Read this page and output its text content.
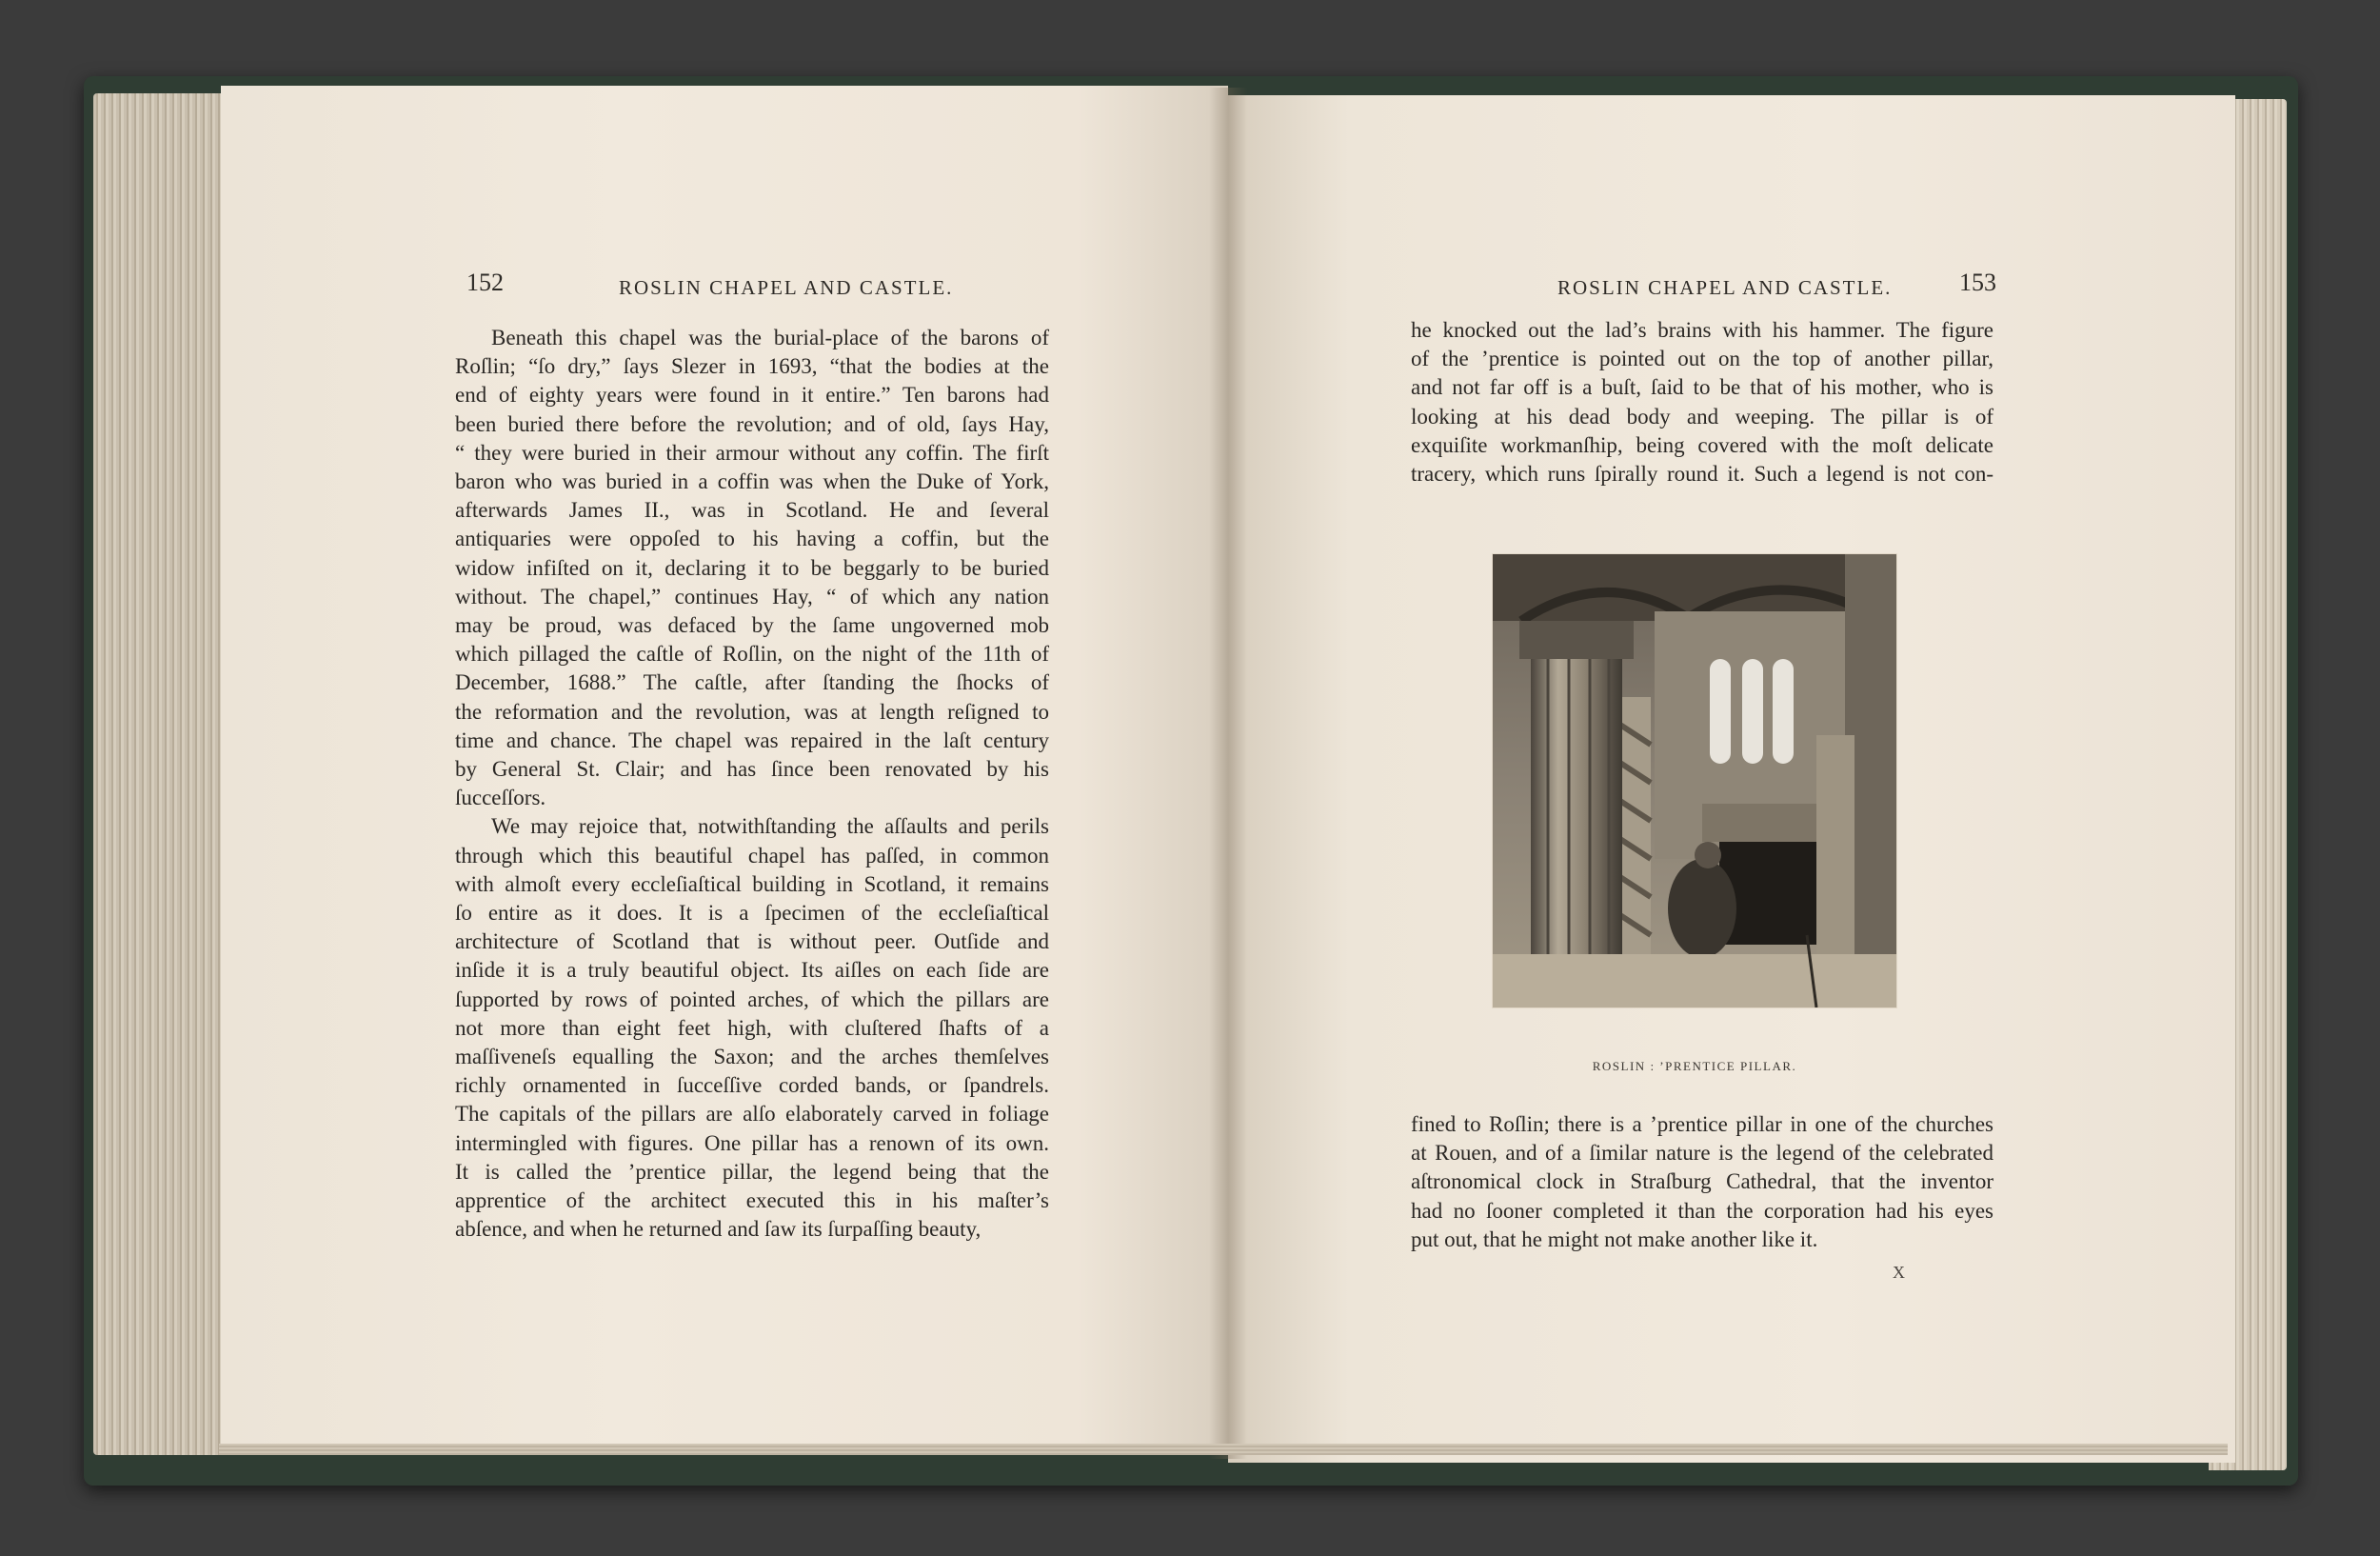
152	ROSLIN CHAPEL AND CASTLE.
Beneath this chapel was the burial-place of the barons of
Roſlin; “ſo dry,” ſays Slezer in 1693, “that the bodies at the
end of eighty years were found in it entire.” Ten barons had
been buried there before the revolution; and of old, ſays Hay,
“ they were buried in their armour without any coffin. The firſt
baron who was buried in a coffin was when the Duke of York,
afterwards James II., was in Scotland. He and ſeveral
antiquaries were oppoſed to his having a coffin, but the
widow infiſted on it, declaring it to be beggarly to be buried
without. The chapel,” continues Hay, “ of which any nation
may be proud, was defaced by the ſame ungoverned mob
which pillaged the caſtle of Roſlin, on the night of the 11th of
December, 1688.” The caſtle, after ſtanding the ſhocks of
the reformation and the revolution, was at length reſigned to
time and chance. The chapel was repaired in the laſt century
by General St. Clair; and has ſince been renovated by his
ſucceſſors.
We may rejoice that, notwithſtanding the aſſaults and perils
through which this beautiful chapel has paſſed, in common
with almoſt every eccleſiaſtical building in Scotland, it remains
ſo entire as it does. It is a ſpecimen of the eccleſiaſtical
architecture of Scotland that is without peer. Outſide and
inſide it is a truly beautiful object. Its aiſles on each ſide are
ſupported by rows of pointed arches, of which the pillars are
not more than eight feet high, with cluſtered ſhafts of a
maſſiveneſs equalling the Saxon; and the arches themſelves
richly ornamented in ſucceſſive corded bands, or ſpandrels.
The capitals of the pillars are alſo elaborately carved in foliage
intermingled with figures. One pillar has a renown of its own.
It is called the ’prentice pillar, the legend being that the
apprentice of the architect executed this in his maſter’s
abſence, and when he returned and ſaw its ſurpaſſing beauty,
ROSLIN CHAPEL AND CASTLE.	153
he knocked out the lad’s brains with his hammer. The figure
of the ’prentice is pointed out on the top of another pillar,
and not far off is a buſt, ſaid to be that of his mother, who is
looking at his dead body and weeping. The pillar is of
exquiſite workmanſhip, being covered with the moſt delicate
tracery, which runs ſpirally round it. Such a legend is not con-
ROSLIN : ’PRENTICE PILLAR.
fined to Roſlin; there is a ’prentice pillar in one of the churches
at Rouen, and of a ſimilar nature is the legend of the celebrated
aſtronomical clock in Straſburg Cathedral, that the inventor
had no ſooner completed it than the corporation had his eyes
put out, that he might not make another like it.
X
